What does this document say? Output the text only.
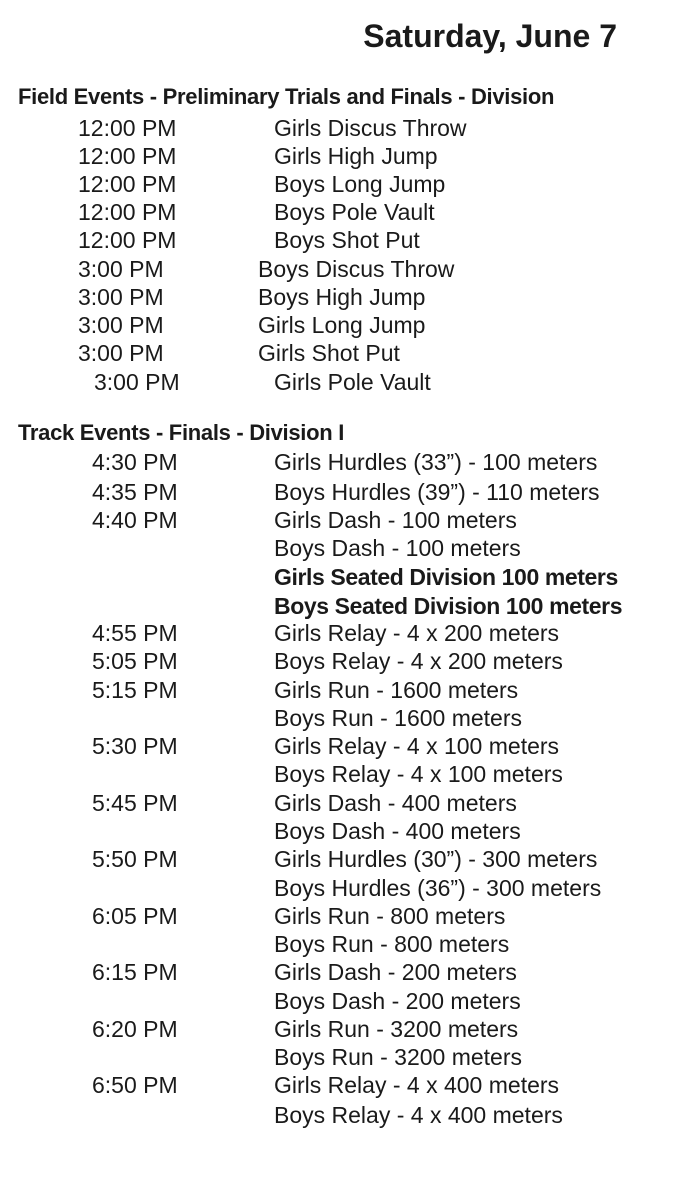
Saturday, June 7
Field Events - Preliminary Trials and Finals - Division
12:00 PM	Girls Discus Throw
12:00 PM	Girls High Jump
12:00 PM	Boys Long Jump
12:00 PM	Boys Pole Vault
12:00 PM	Boys Shot Put
3:00 PM	Boys Discus Throw
3:00 PM	Boys High Jump
3:00 PM	Girls Long Jump
3:00 PM	Girls Shot Put
3:00 PM	Girls Pole Vault
Track Events - Finals - Division I
4:30 PM	Girls Hurdles (33”) - 100 meters
4:35 PM	Boys Hurdles (39”) - 110 meters
4:40 PM	Girls Dash - 100 meters
Boys Dash - 100 meters
Girls Seated Division 100 meters
Boys Seated Division 100 meters
4:55 PM	Girls Relay - 4 x 200 meters
5:05 PM	Boys Relay - 4 x 200 meters
5:15 PM	Girls Run - 1600 meters
Boys Run - 1600 meters
5:30 PM	Girls Relay - 4 x 100 meters
Boys Relay - 4 x 100 meters
5:45 PM	Girls Dash - 400 meters
Boys Dash - 400 meters
5:50 PM	Girls Hurdles (30”) - 300 meters
Boys Hurdles (36”) - 300 meters
6:05 PM	Girls Run - 800 meters
Boys Run - 800 meters
6:15 PM	Girls Dash - 200 meters
Boys Dash - 200 meters
6:20 PM	Girls Run - 3200 meters
Boys Run - 3200 meters
6:50 PM	Girls Relay - 4 x 400 meters
Boys Relay - 4 x 400 meters
